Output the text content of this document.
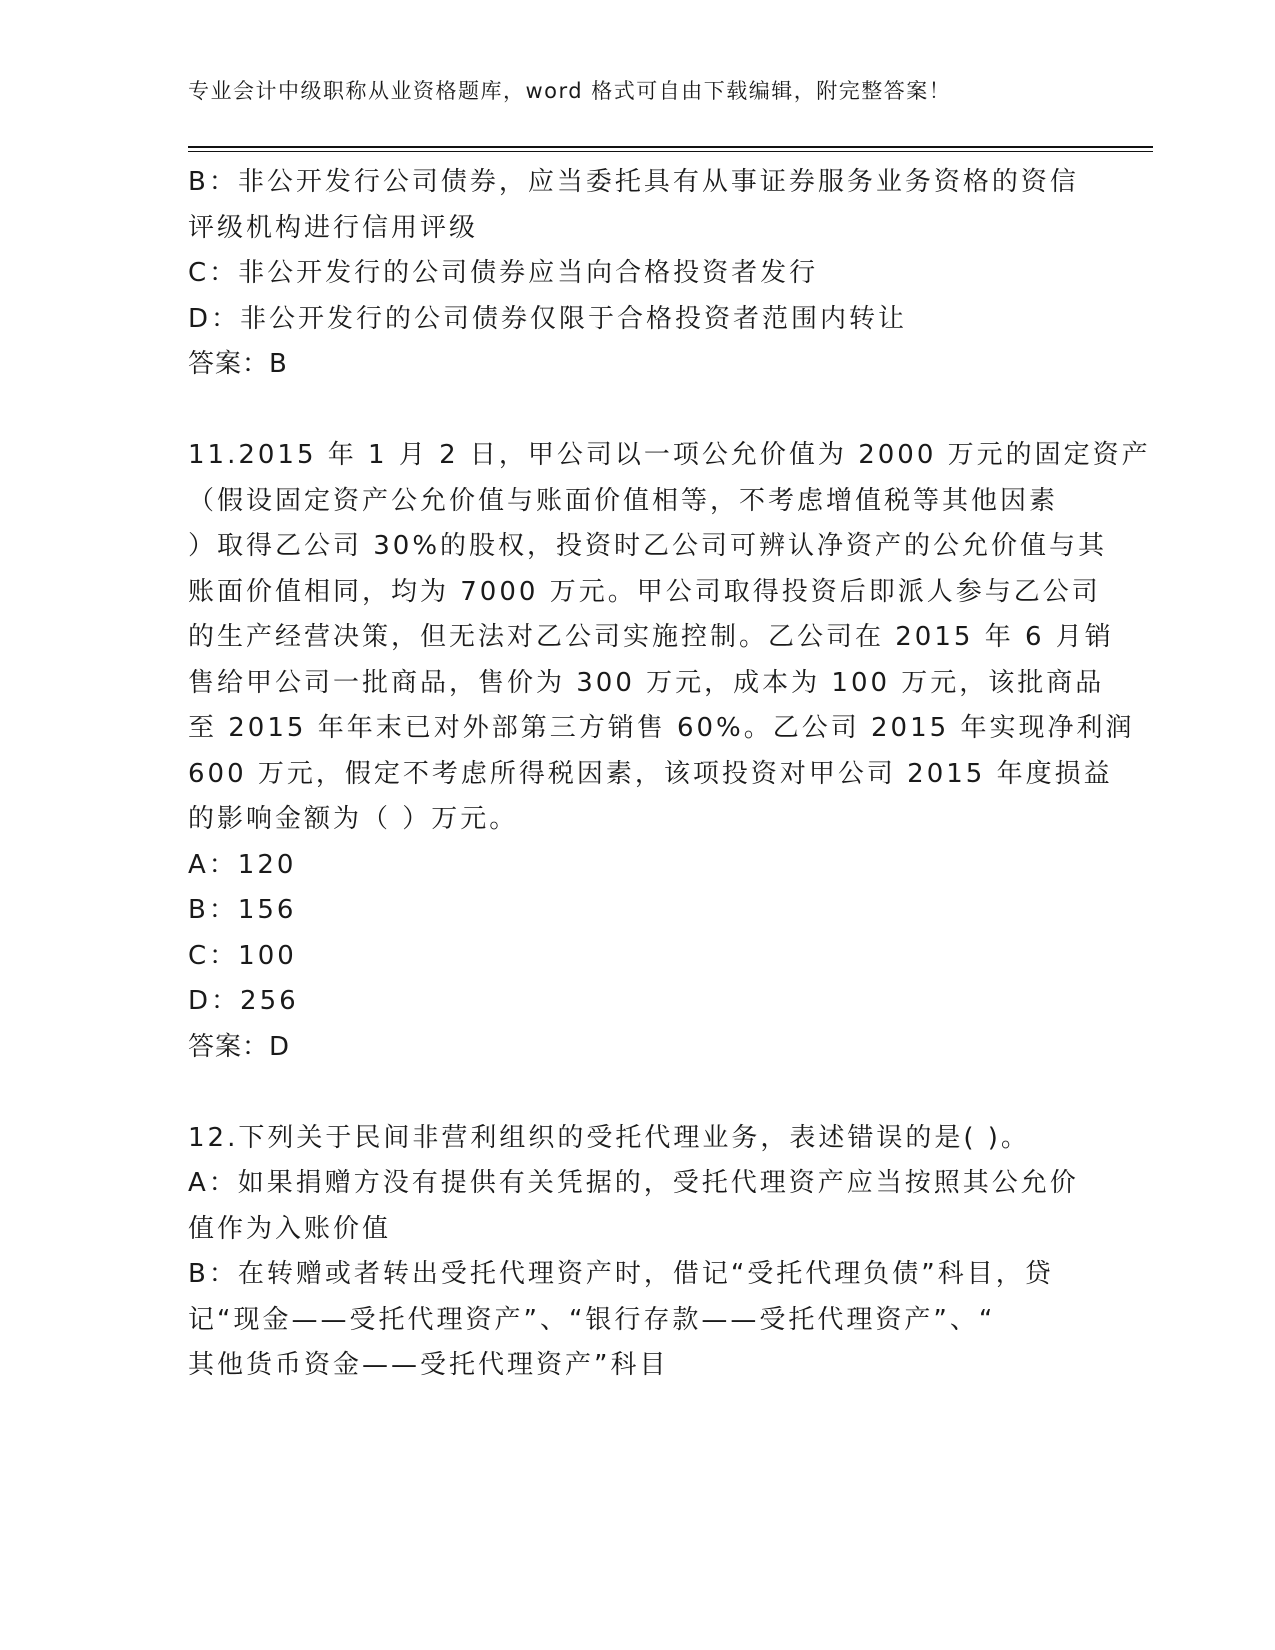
专业会计中级职称从业资格题库，word 格式可自由下载编辑，附完整答案！
B：非公开发行公司债券，应当委托具有从事证券服务业务资格的资信
评级机构进行信用评级
C：非公开发行的公司债券应当向合格投资者发行
D：非公开发行的公司债券仅限于合格投资者范围内转让
答案：B
11.2015 年 1 月 2 日，甲公司以一项公允价值为 2000 万元的固定资产
（假设固定资产公允价值与账面价值相等，不考虑增值税等其他因素
）取得乙公司 30%的股权，投资时乙公司可辨认净资产的公允价值与其
账面价值相同，均为 7000 万元。甲公司取得投资后即派人参与乙公司
的生产经营决策，但无法对乙公司实施控制。乙公司在 2015 年 6 月销
售给甲公司一批商品，售价为 300 万元，成本为 100 万元，该批商品
至 2015 年年末已对外部第三方销售 60%。乙公司 2015 年实现净利润
600 万元，假定不考虑所得税因素，该项投资对甲公司 2015 年度损益
的影响金额为（ ）万元。
A：120
B：156
C：100
D：256
答案：D
12.下列关于民间非营利组织的受托代理业务，表述错误的是( )。
A：如果捐赠方没有提供有关凭据的，受托代理资产应当按照其公允价
值作为入账价值
B：在转赠或者转出受托代理资产时，借记“受托代理负债”科目，贷
记“现金——受托代理资产”、“银行存款——受托代理资产”、“
其他货币资金——受托代理资产”科目
